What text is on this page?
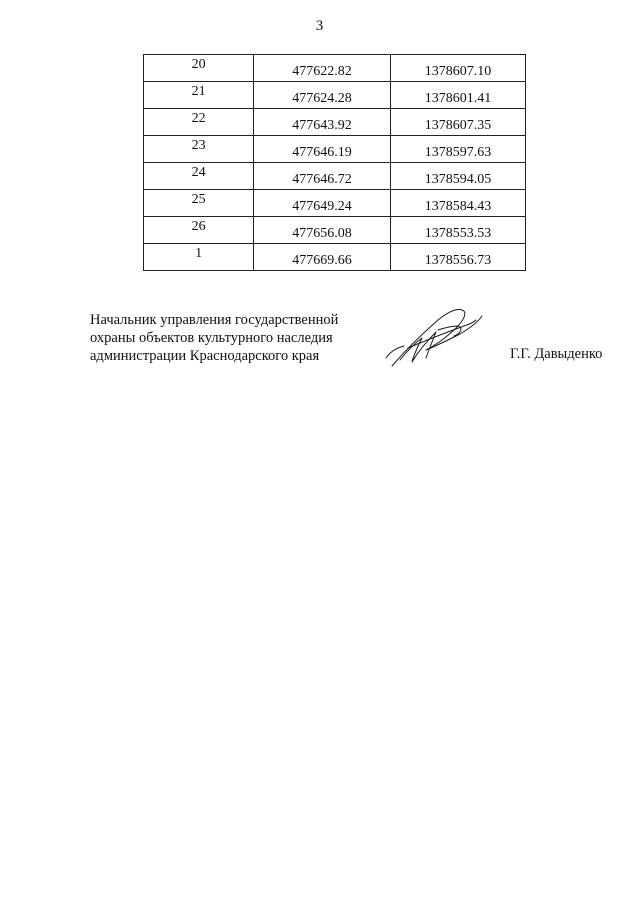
3
20	477622.82	1378607.10
21	477624.28	1378601.41
22	477643.92	1378607.35
23	477646.19	1378597.63
24	477646.72	1378594.05
25	477649.24	1378584.43
26	477656.08	1378553.53
1	477669.66	1378556.73
Начальник управления государственной
охраны объектов культурного наследия
администрации Краснодарского края	Г.Г. Давыденко
